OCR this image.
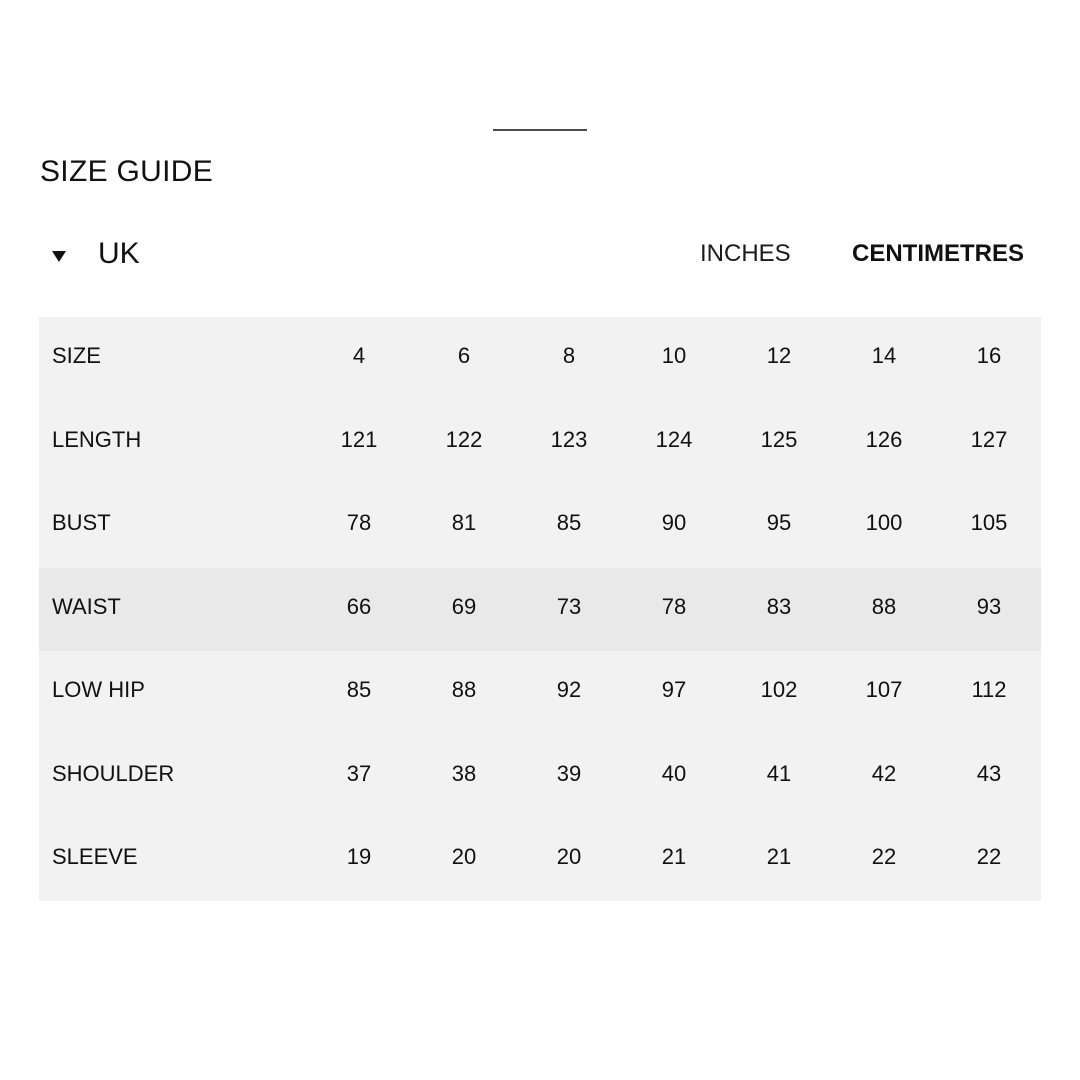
SIZE GUIDE
UK	INCHES	CENTIMETRES
SIZE	4	6	8	10	12	14	16
LENGTH	121	122	123	124	125	126	127
BUST	78	81	85	90	95	100	105
WAIST	66	69	73	78	83	88	93
LOW HIP	85	88	92	97	102	107	112
SHOULDER	37	38	39	40	41	42	43
SLEEVE	19	20	20	21	21	22	22
